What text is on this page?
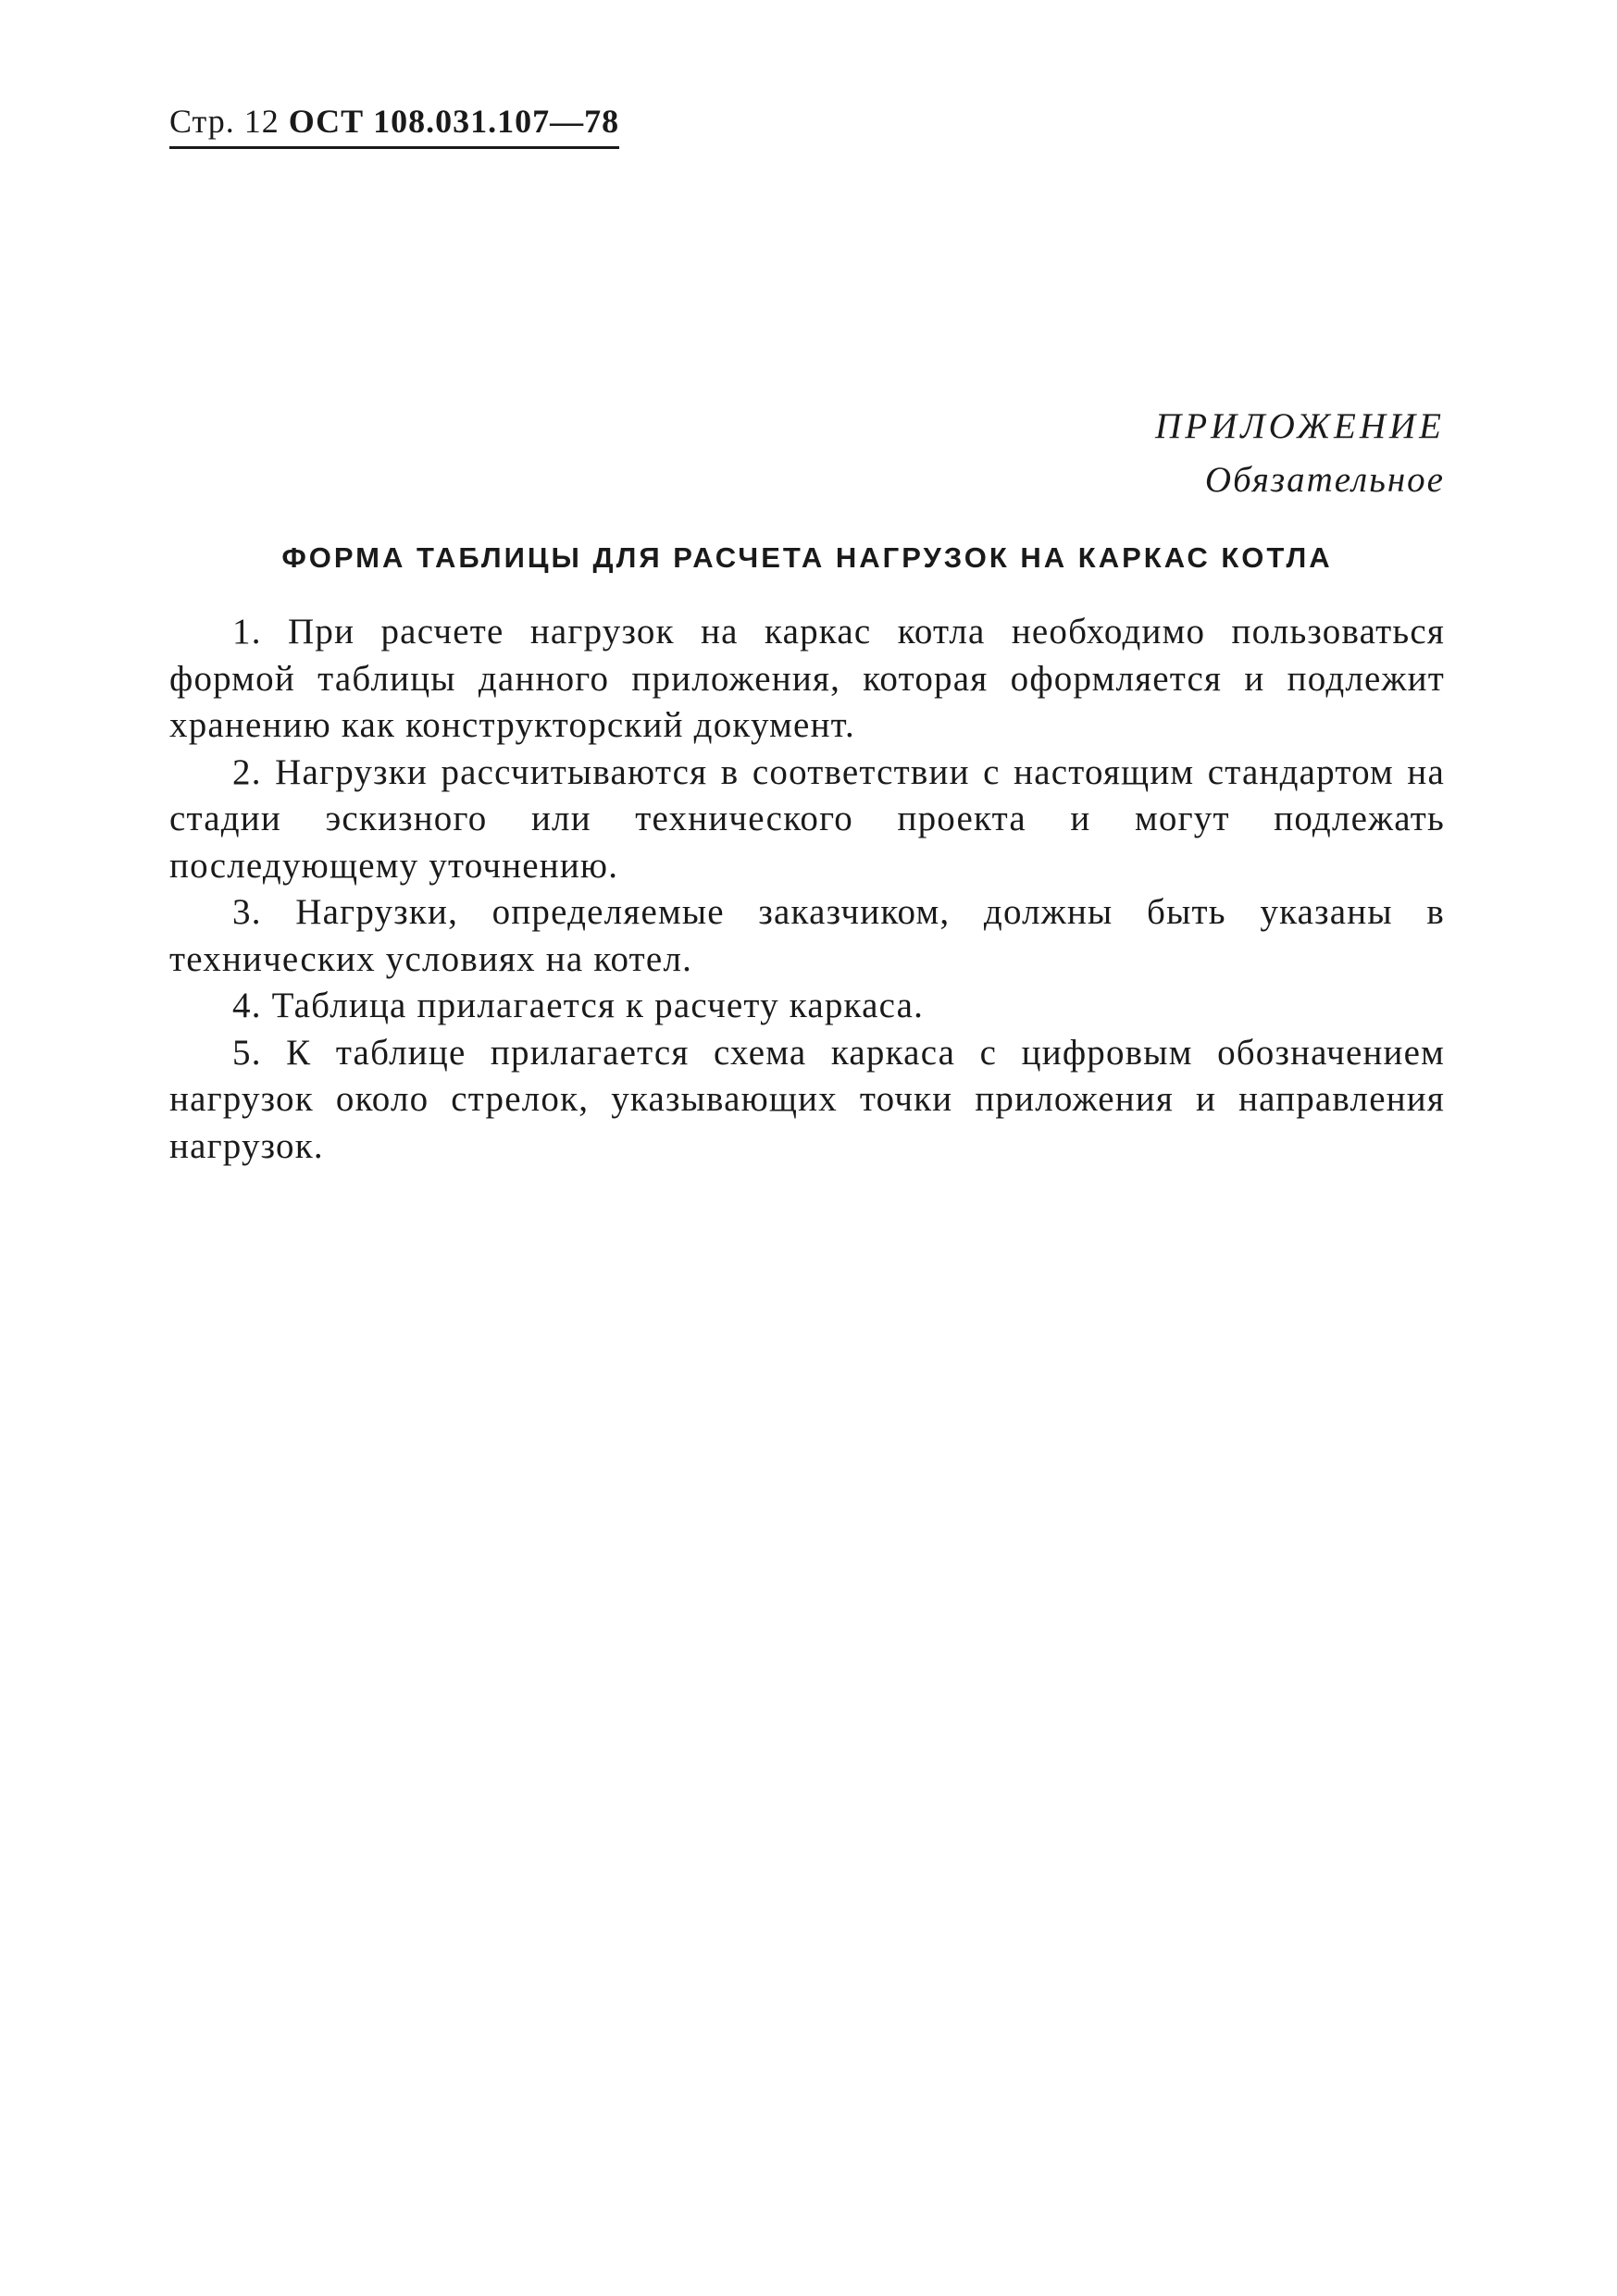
Стр. 12 ОСТ 108.031.107—78
ПРИЛОЖЕНИЕ
Обязательное
ФОРМА ТАБЛИЦЫ ДЛЯ РАСЧЕТА НАГРУЗОК НА КАРКАС КОТЛА

1. При расчете нагрузок на каркас котла необходимо пользоваться формой таблицы данного приложения, которая оформляется и подлежит хранению как конструкторский документ.

2. Нагрузки рассчитываются в соответствии с настоящим стандартом на стадии эскизного или технического проекта и могут подлежать последующему уточнению.

3. Нагрузки, определяемые заказчиком, должны быть указаны в технических условиях на котел.

4. Таблица прилагается к расчету каркаса.

5. К таблице прилагается схема каркаса с цифровым обозначением нагрузок около стрелок, указывающих точки приложения и направления нагрузок.
